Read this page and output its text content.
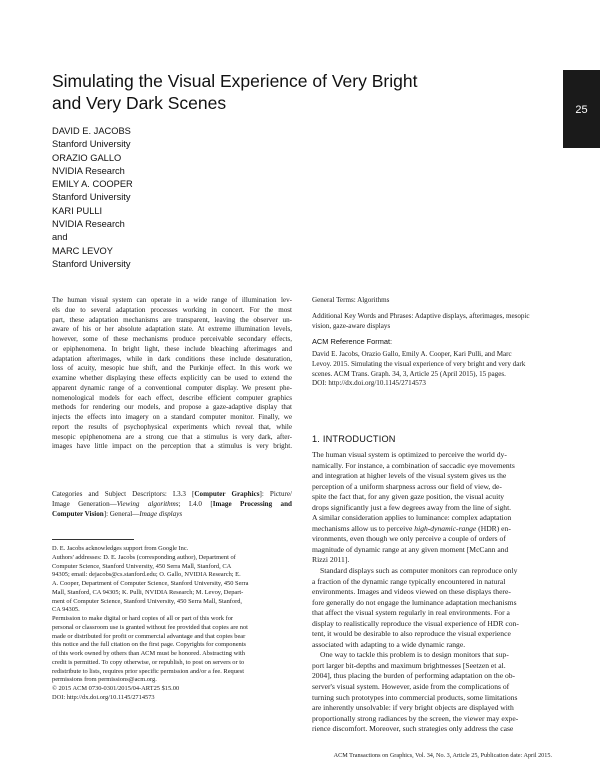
25
Simulating the Visual Experience of Very Bright
and Very Dark Scenes
DAVID E. JACOBS
Stanford University
ORAZIO GALLO
NVIDIA Research
EMILY A. COOPER
Stanford University
KARI PULLI
NVIDIA Research
and
MARC LEVOY
Stanford University
The human visual system can operate in a wide range of illumination lev-
els due to several adaptation processes working in concert. For the most
part, these adaptation mechanisms are transparent, leaving the observer un-
aware of his or her absolute adaptation state. At extreme illumination levels,
however, some of these mechanisms produce perceivable secondary effects,
or epiphenomena. In bright light, these include bleaching afterimages and
adaptation afterimages, while in dark conditions these include desaturation,
loss of acuity, mesopic hue shift, and the Purkinje effect. In this work we
examine whether displaying these effects explicitly can be used to extend the
apparent dynamic range of a conventional computer display. We present phe-
nomenological models for each effect, describe efficient computer graphics
methods for rendering our models, and propose a gaze-adaptive display that
injects the effects into imagery on a standard computer monitor. Finally, we
report the results of psychophysical experiments which reveal that, while
mesopic epiphenomena are a strong cue that a stimulus is very dark, after-
images have little impact on the perception that a stimulus is very bright.
Categories and Subject Descriptors: I.3.3 [Computer Graphics]: Picture/
Image Generation—Viewing algorithms; I.4.0 [Image Processing and
Computer Vision]: General—Image displays
D. E. Jacobs acknowledges support from Google Inc.
Authors' addresses: D. E. Jacobs (corresponding author), Department of
Computer Science, Stanford University, 450 Serra Mall, Stanford, CA
94305; email: dejacobs@cs.stanford.edu; O. Gallo, NVIDIA Research; E.
A. Cooper, Department of Computer Science, Stanford University, 450 Serra
Mall, Stanford, CA 94305; K. Pulli, NVIDIA Research; M. Levoy, Depart-
ment of Computer Science, Stanford University, 450 Serra Mall, Stanford,
CA 94305.
Permission to make digital or hard copies of all or part of this work for
personal or classroom use is granted without fee provided that copies are not
made or distributed for profit or commercial advantage and that copies bear
this notice and the full citation on the first page. Copyrights for components
of this work owned by others than ACM must be honored. Abstracting with
credit is permitted. To copy otherwise, or republish, to post on servers or to
redistribute to lists, requires prior specific permission and/or a fee. Request
permissions from permissions@acm.org.
© 2015 ACM 0730-0301/2015/04-ART25 $15.00
DOI: http://dx.doi.org/10.1145/2714573
General Terms: Algorithms
Additional Key Words and Phrases: Adaptive displays, afterimages, mesopic
vision, gaze-aware displays
ACM Reference Format:
David E. Jacobs, Orazio Gallo, Emily A. Cooper, Kari Pulli, and Marc
Levoy. 2015. Simulating the visual experience of very bright and very dark
scenes. ACM Trans. Graph. 34, 3, Article 25 (April 2015), 15 pages.
DOI: http://dx.doi.org/10.1145/2714573
1. INTRODUCTION
The human visual system is optimized to perceive the world dy-
namically. For instance, a combination of saccadic eye movements
and integration at higher levels of the visual system gives us the
perception of a uniform sharpness across our field of view, de-
spite the fact that, for any given gaze position, the visual acuity
drops significantly just a few degrees away from the line of sight.
A similar consideration applies to luminance: complex adaptation
mechanisms allow us to perceive high-dynamic-range (HDR) en-
vironments, even though we only perceive a couple of orders of
magnitude of dynamic range at any given moment [McCann and
Rizzi 2011].
Standard displays such as computer monitors can reproduce only
a fraction of the dynamic range typically encountered in natural
environments. Images and videos viewed on these displays there-
fore generally do not engage the luminance adaptation mechanisms
that affect the visual system regularly in real environments. For a
display to realistically reproduce the visual experience of HDR con-
tent, it would be desirable to also reproduce the visual experience
associated with adapting to a wide dynamic range.
One way to tackle this problem is to design monitors that sup-
port larger bit-depths and maximum brightnesses [Seetzen et al.
2004], thus placing the burden of performing adaptation on the ob-
server's visual system. However, aside from the complications of
turning such prototypes into commercial products, some limitations
are inherently unsolvable: if very bright objects are displayed with
proportionally strong radiances by the screen, the viewer may expe-
rience discomfort. Moreover, such strategies only address the case
ACM Transactions on Graphics, Vol. 34, No. 3, Article 25, Publication date: April 2015.
